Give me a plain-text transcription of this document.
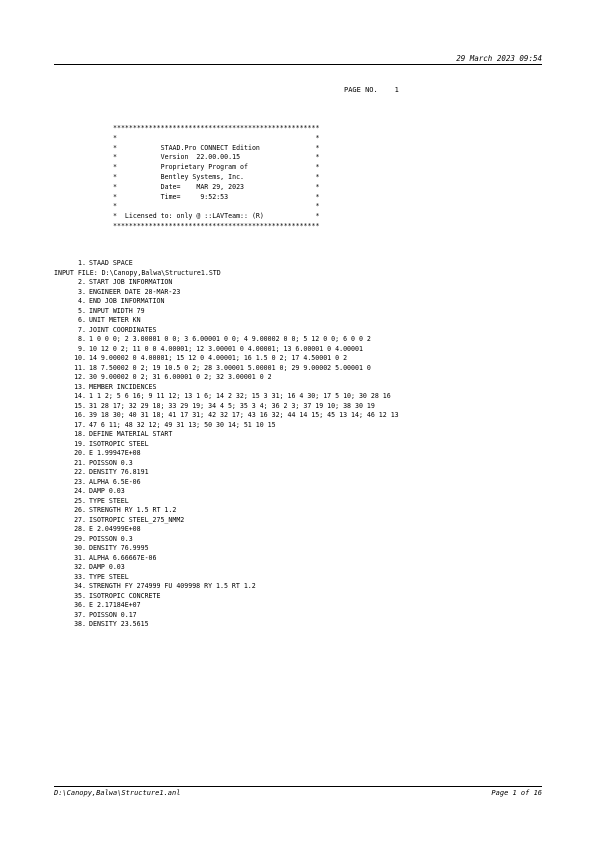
29 March 2023 09:54
PAGE NO. 1
****************************************************
*                                                  *
*           STAAD.Pro CONNECT Edition              *
*           Version  22.00.00.15                   *
*           Proprietary Program of                 *
*           Bentley Systems, Inc.                  *
*           Date=    MAR 29, 2023                  *
*           Time=     9:52:53                      *
*                                                  *
*  Licensed to: only @ ::LAVTeam:: (R)             *
****************************************************
1. STAAD SPACE
INPUT FILE: D:\Canopy,Balwa\Structure1.STD
2. START JOB INFORMATION
3. ENGINEER DATE 28-MAR-23
4. END JOB INFORMATION
5. INPUT WIDTH 79
6. UNIT METER KN
7. JOINT COORDINATES
8. 1 0 0 0; 2 3.00001 0 0; 3 6.00001 0 0; 4 9.00002 0 0; 5 12 0 0; 6 0 0 2
9. 10 12 0 2; 11 0 0 4.00001; 12 3.00001 0 4.00001; 13 6.00001 0 4.00001
10. 14 9.00002 0 4.00001; 15 12 0 4.00001; 16 1.5 0 2; 17 4.50001 0 2
11. 18 7.50002 0 2; 19 10.5 0 2; 28 3.00001 5.00001 0; 29 9.00002 5.00001 0
12. 30 9.00002 0 2; 31 6.00001 0 2; 32 3.00001 0 2
13. MEMBER INCIDENCES
14. 1 1 2; 5 6 16; 9 11 12; 13 1 6; 14 2 32; 15 3 31; 16 4 30; 17 5 10; 30 28 16
15. 31 28 17; 32 29 18; 33 29 19; 34 4 5; 35 3 4; 36 2 3; 37 19 10; 38 30 19
16. 39 18 30; 40 31 18; 41 17 31; 42 32 17; 43 16 32; 44 14 15; 45 13 14; 46 12 13
17. 47 6 11; 48 32 12; 49 31 13; 50 30 14; 51 10 15
18. DEFINE MATERIAL START
19. ISOTROPIC STEEL
20. E 1.99947E+08
21. POISSON 0.3
22. DENSITY 76.8191
23. ALPHA 6.5E-06
24. DAMP 0.03
25. TYPE STEEL
26. STRENGTH RY 1.5 RT 1.2
27. ISOTROPIC STEEL_275_NMM2
28. E 2.04999E+08
29. POISSON 0.3
30. DENSITY 76.9995
31. ALPHA 6.66667E-06
32. DAMP 0.03
33. TYPE STEEL
34. STRENGTH FY 274999 FU 409998 RY 1.5 RT 1.2
35. ISOTROPIC CONCRETE
36. E 2.17184E+07
37. POISSON 0.17
38. DENSITY 23.5615
D:\Canopy,Balwa\Structure1.anl	Page 1 of 16
